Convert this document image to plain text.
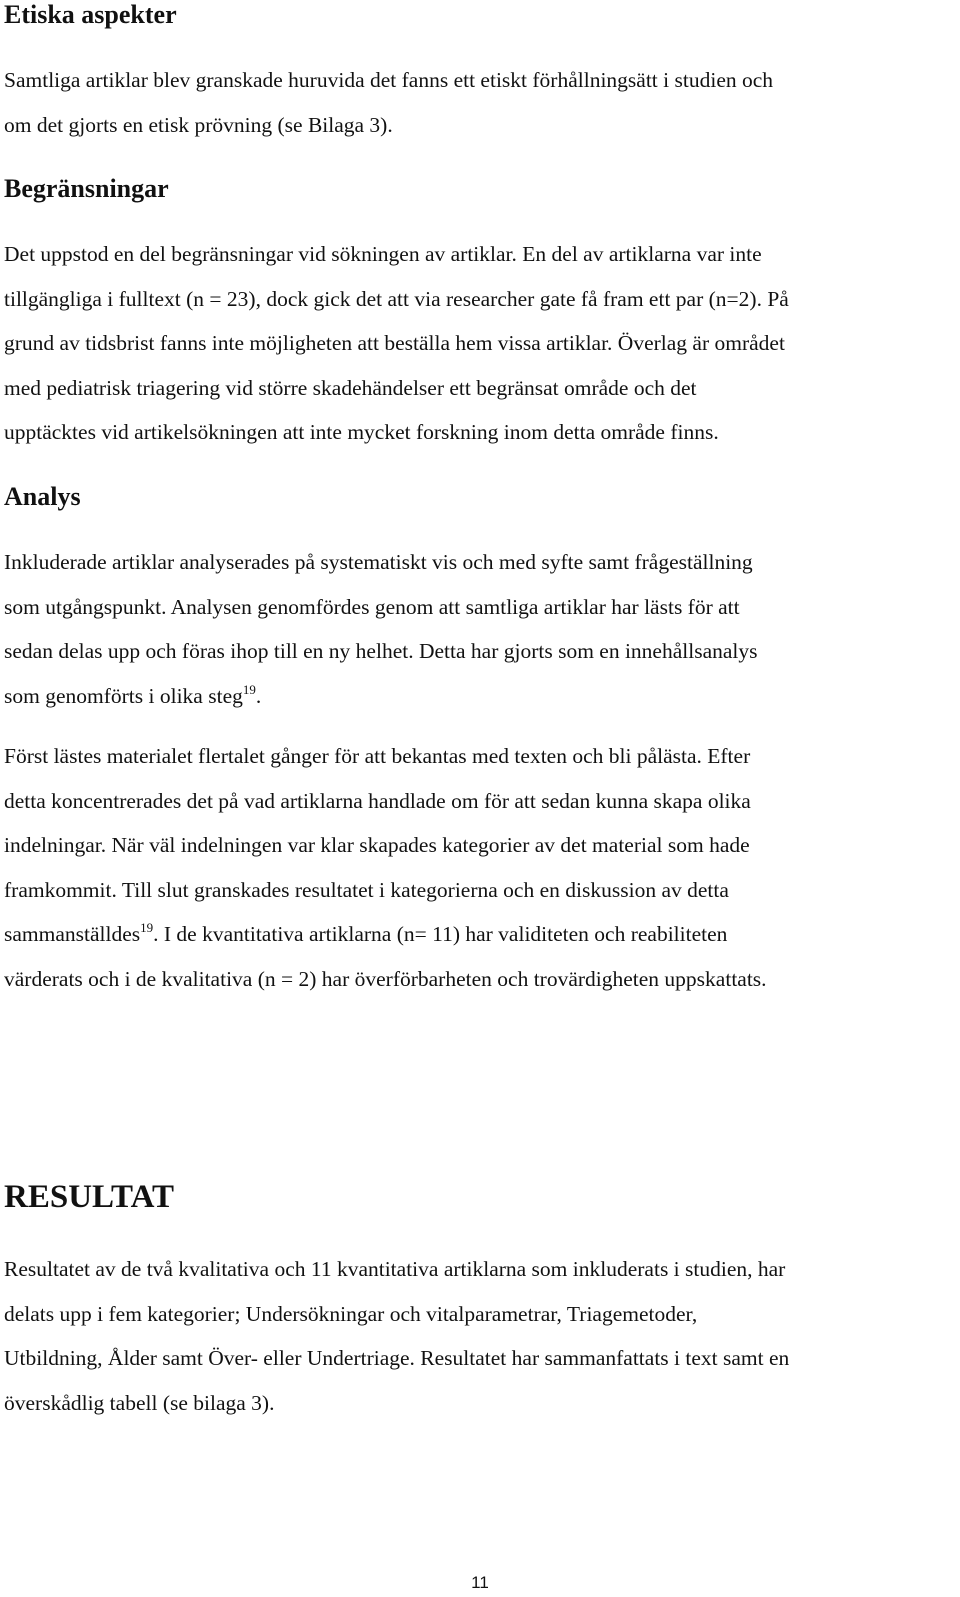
Etiska aspekter

Samtliga artiklar blev granskade huruvida det fanns ett etiskt förhållningsätt i studien och
om det gjorts en etisk prövning (se Bilaga 3).

Begränsningar

Det uppstod en del begränsningar vid sökningen av artiklar. En del av artiklarna var inte
tillgängliga i fulltext (n = 23), dock gick det att via researcher gate få fram ett par (n=2). På
grund av tidsbrist fanns inte möjligheten att beställa hem vissa artiklar. Överlag är området
med pediatrisk triagering vid större skadehändelser ett begränsat område och det
upptäcktes vid artikelsökningen att inte mycket forskning inom detta område finns.

Analys

Inkluderade artiklar analyserades på systematiskt vis och med syfte samt frågeställning
som utgångspunkt. Analysen genomfördes genom att samtliga artiklar har lästs för att
sedan delas upp och föras ihop till en ny helhet. Detta har gjorts som en innehållsanalys
som genomförts i olika steg$^{19}$.

Först lästes materialet flertalet gånger för att bekantas med texten och bli pålästa. Efter
detta koncentrerades det på vad artiklarna handlade om för att sedan kunna skapa olika
indelningar. När väl indelningen var klar skapades kategorier av det material som hade
framkommit. Till slut granskades resultatet i kategorierna och en diskussion av detta
sammanställdes$^{19}$. I de kvantitativa artiklarna (n= 11) har validiteten och reabiliteten
värderats och i de kvalitativa (n = 2) har överförbarheten och trovärdigheten uppskattats.

RESULTAT

Resultatet av de två kvalitativa och 11 kvantitativa artiklarna som inkluderats i studien, har
delats upp i fem kategorier; Undersökningar och vitalparametrar, Triagemetoder,
Utbildning, Ålder samt Över- eller Undertriage. Resultatet har sammanfattats i text samt en
överskådlig tabell (se bilaga 3).

11
